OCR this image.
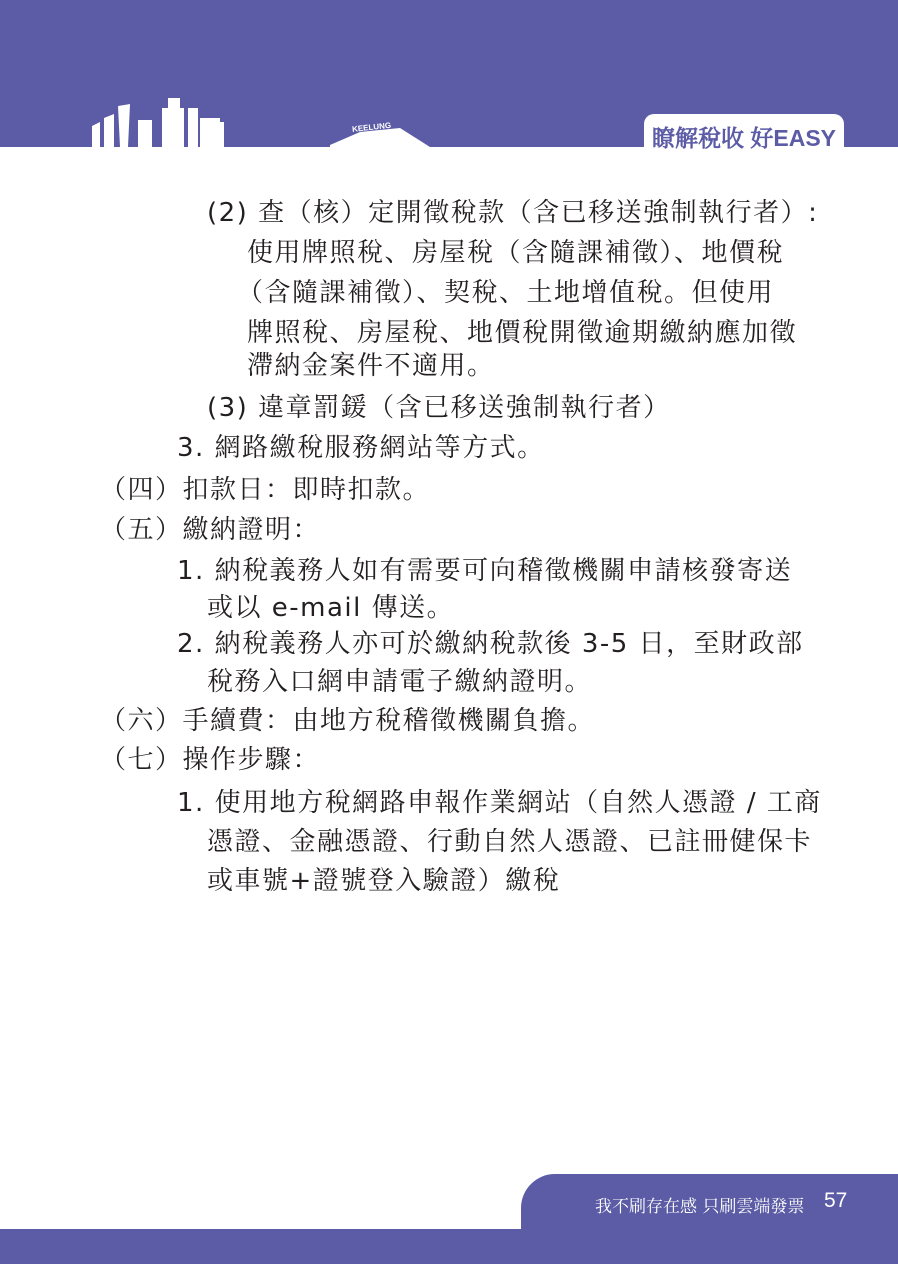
KEELUNG	瞭解稅收 好EASY
(2) 查（核）定開徵稅款（含已移送強制執行者）:
使用牌照稅、房屋稅（含隨課補徵）、地價稅
（含隨課補徵）、契稅、土地增值稅。但使用
牌照稅、房屋稅、地價稅開徵逾期繳納應加徵
滯納金案件不適用。
(3) 違章罰鍰（含已移送強制執行者）
3. 網路繳稅服務網站等方式。
（四）扣款日：即時扣款。
（五）繳納證明：
1. 納稅義務人如有需要可向稽徵機關申請核發寄送
或以 e-mail 傳送。
2. 納稅義務人亦可於繳納稅款後 3-5 日，至財政部
稅務入口網申請電子繳納證明。
（六）手續費：由地方稅稽徵機關負擔。
（七）操作步驟：
1. 使用地方稅網路申報作業網站（自然人憑證 / 工商
憑證、金融憑證、行動自然人憑證、已註冊健保卡
或車號+證號登入驗證）繳稅
我不刷存在感 只刷雲端發票 57
